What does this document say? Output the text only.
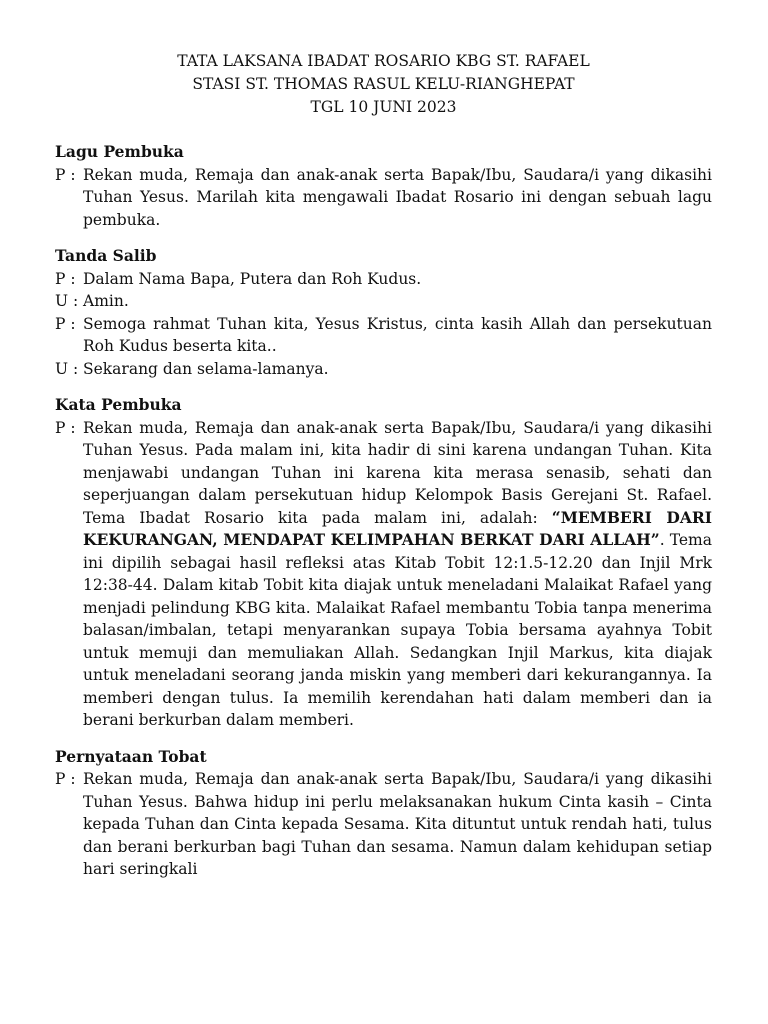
TATA LAKSANA IBADAT ROSARIO KBG ST. RAFAEL
STASI ST. THOMAS RASUL KELU-RIANGHEPAT
TGL 10 JUNI 2023
Lagu Pembuka
P : Rekan muda, Remaja dan anak-anak serta Bapak/Ibu, Saudara/i yang dikasihi Tuhan Yesus. Marilah kita mengawali Ibadat Rosario ini dengan sebuah lagu pembuka.
Tanda Salib
P : Dalam Nama Bapa, Putera dan Roh Kudus.
U : Amin.
P : Semoga rahmat Tuhan kita, Yesus Kristus, cinta kasih Allah dan persekutuan Roh Kudus beserta kita..
U : Sekarang dan selama-lamanya.
Kata Pembuka
P : Rekan muda, Remaja dan anak-anak serta Bapak/Ibu, Saudara/i yang dikasihi Tuhan Yesus. Pada malam ini, kita hadir di sini karena undangan Tuhan. Kita menjawabi undangan Tuhan ini karena kita merasa senasib, sehati dan seperjuangan dalam persekutuan hidup Kelompok Basis Gerejani St. Rafael. Tema Ibadat Rosario kita pada malam ini, adalah: “MEMBERI DARI KEKURANGAN, MENDAPAT KELIMPAHAN BERKAT DARI ALLAH”. Tema ini dipilih sebagai hasil refleksi atas Kitab Tobit 12:1.5-12.20 dan Injil Mrk 12:38-44. Dalam kitab Tobit kita diajak untuk meneladani Malaikat Rafael yang menjadi pelindung KBG kita. Malaikat Rafael membantu Tobia tanpa menerima balasan/imbalan, tetapi menyarankan supaya Tobia bersama ayahnya Tobit untuk memuji dan memuliakan Allah. Sedangkan Injil Markus, kita diajak untuk meneladani seorang janda miskin yang memberi dari kekurangannya. Ia memberi dengan tulus. Ia memilih kerendahan hati dalam memberi dan ia berani berkurban dalam memberi.
Pernyataan Tobat
P : Rekan muda, Remaja dan anak-anak serta Bapak/Ibu, Saudara/i yang dikasihi Tuhan Yesus. Bahwa hidup ini perlu melaksanakan hukum Cinta kasih – Cinta kepada Tuhan dan Cinta kepada Sesama. Kita dituntut untuk rendah hati, tulus dan berani berkurban bagi Tuhan dan sesama. Namun dalam kehidupan setiap hari seringkali
